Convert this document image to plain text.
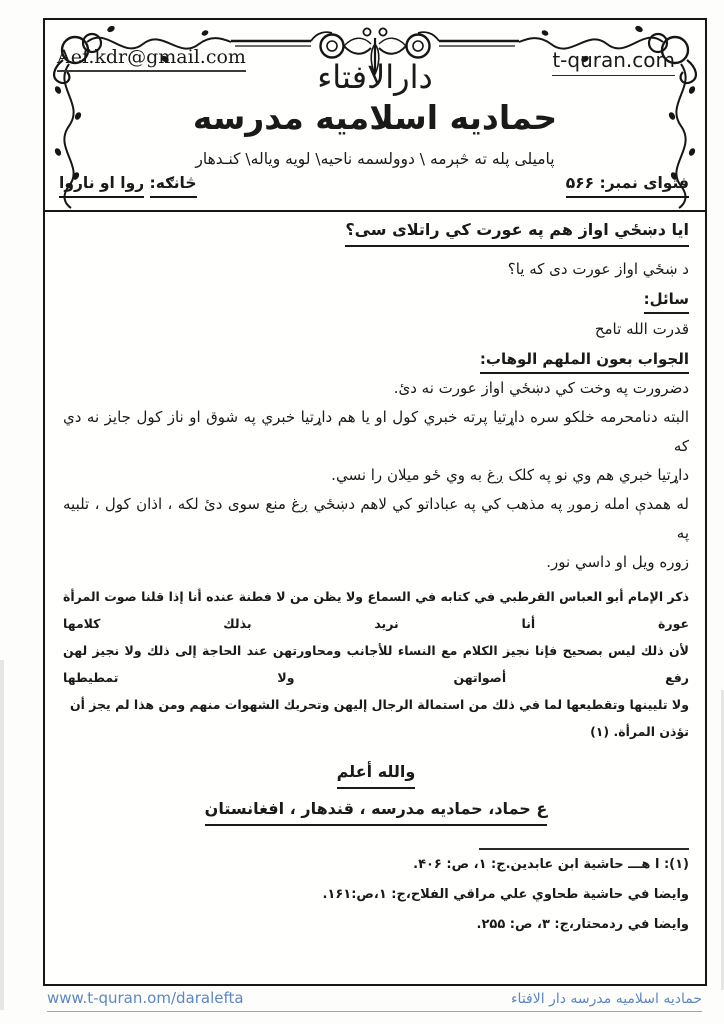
Aef.kdr@gmail.com	t-quran.com
دارالافتاء
حمادیه اسلامیه مدرسه
پامیلی پله ته څېرمه \ دوولسمه ناحیه\ لویه ویاله\ کنـدهار
څانګه: روا او ناروا	فتوای نمبر: ۵۶۶
ایا دښځي اواز هم په عورت کي راتلای سی؟
د ښځي اواز عورت دی که یا؟
سائل:
قدرت الله تامح
الجواب بعون الملهم الوهاب:
دضرورت په وخت کي دښځي اواز عورت نه دئ.
البته دنامحرمه خلکو سره داړتیا پرته خبري کول او یا هم داړتیا خبري په شوق او ناز کول جایز نه دي که
داړتیا خبري هم وي نو په کلک ږغ به وي ځو میلان را نسي.
له همدې امله زموږ په مذهب کي په عباداتو کي لاهم دښځي ږغ منع سوی دئ لکه ، اذان کول ، تلبیه په
زوره ویل او داسي نور.
ذكر الإمام أبو العباس القرطبي في كتابه في السماع ولا يظن من لا فطنة عنده أنا إذا قلنا صوت المرأة عورة أنا نريد بذلك كلامها
لأن ذلك ليس بصحيح فإنا نجيز الكلام مع النساء للأجانب ومحاورتهن عند الحاجة إلى ذلك ولا نجيز لهن رفع أصواتهن ولا تمطيطها
ولا تليينها وتقطيعها لما في ذلك من استمالة الرجال إليهن وتحريك الشهوات منهم ومن هذا لم يجز أن تؤذن المرأة. (١)
والله أعلم
ع حماد، حمادیه مدرسه ، قندهار ، افغانستان
(۱): ا هـــ حاشیة ابن عابدین.ج: ۱، ص: ۴۰۶.
وایضا في حاشیة طحاوي علي مراقي الفلاح،ج: ۱،ص:۱۶۱.
وایضا في ردمحتار،ج: ۳، ص: ۲۵۵.
www.t-quran.om/daralefta	حمادیه اسلامیه مدرسه دار الافتاء
